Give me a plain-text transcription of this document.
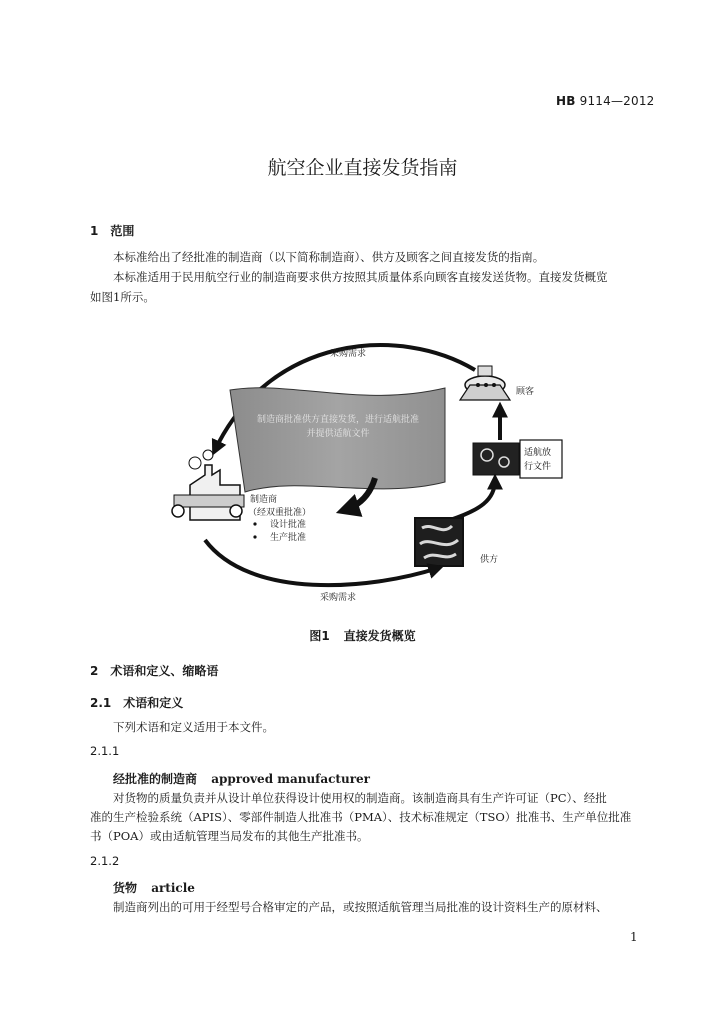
HB 9114—2012
航空企业直接发货指南
1　范围
本标准给出了经批准的制造商（以下简称制造商）、供方及顾客之间直接发货的指南。
本标准适用于民用航空行业的制造商要求供方按照其质量体系向顾客直接发送货物。直接发货概览
如图1所示。
采购需求
制造商批准供方直接发货，进行适航批准
并提供适航文件
顾客
适航放
行文件
制造商
（经双重批准）
设计批准
生产批准
供方
采购需求
图1 直接发货概览
2　术语和定义、缩略语
2.1　术语和定义
下列术语和定义适用于本文件。
2.1.1
经批准的制造商 approved manufacturer
对货物的质量负责并从设计单位获得设计使用权的制造商。该制造商具有生产许可证（PC）、经批
准的生产检验系统（APIS）、零部件制造人批准书（PMA）、技术标准规定（TSO）批准书、生产单位批准
书（POA）或由适航管理当局发布的其他生产批准书。
2.1.2
货物 article
制造商列出的可用于经型号合格审定的产品，或按照适航管理当局批准的设计资料生产的原材料、
1
